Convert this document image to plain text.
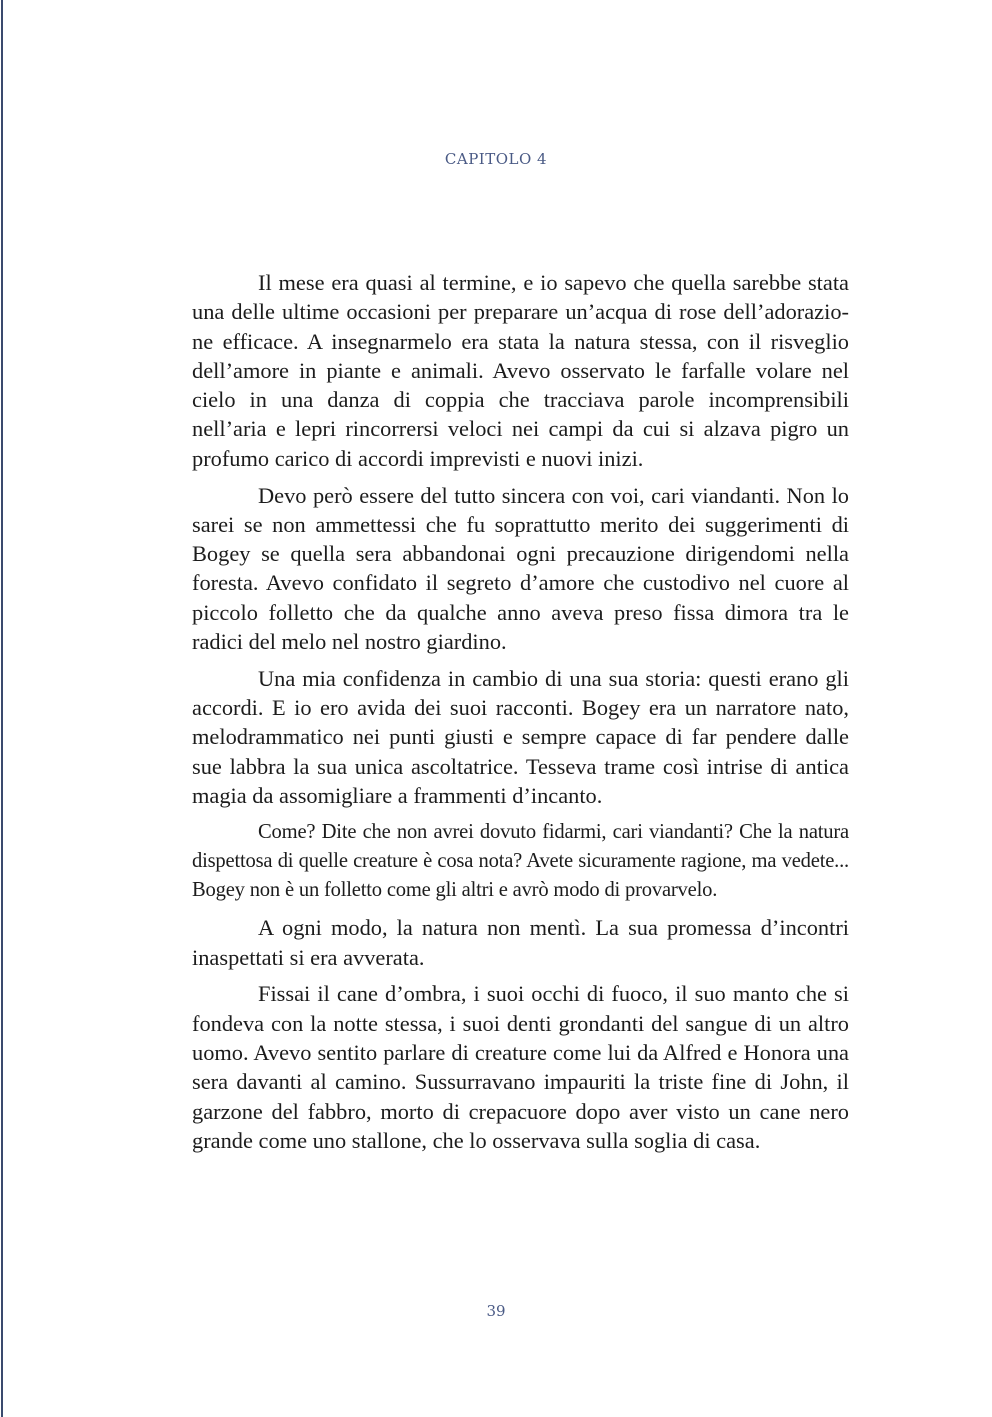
CAPITOLO 4

Il mese era quasi al termine, e io sapevo che quella sarebbe stata una delle ultime occasioni per preparare un’acqua di rose dell’adorazio-ne efficace. A insegnarmelo era stata la natura stessa, con il risveglio dell’amore in piante e animali. Avevo osservato le farfalle volare nel cielo in una danza di coppia che tracciava parole incomprensibili nell’aria e lepri rincorrersi veloci nei campi da cui si alzava pigro un profumo carico di accordi imprevisti e nuovi inizi.

Devo però essere del tutto sincera con voi, cari viandanti. Non lo sarei se non ammettessi che fu soprattutto merito dei suggerimenti di Bogey se quella sera abbandonai ogni precauzione dirigendomi nella foresta. Avevo confidato il segreto d’amore che custodivo nel cuore al piccolo folletto che da qualche anno aveva preso fissa dimora tra le radici del melo nel nostro giardino.

Una mia confidenza in cambio di una sua storia: questi erano gli accordi. E io ero avida dei suoi racconti. Bogey era un narratore nato, melodrammatico nei punti giusti e sempre capace di far pendere dalle sue labbra la sua unica ascoltatrice. Tesseva trame così intrise di antica magia da assomigliare a frammenti d’incanto.

Come? Dite che non avrei dovuto fidarmi, cari viandanti? Che la natura dispettosa di quelle creature è cosa nota? Avete sicuramente ragione, ma vedete... Bogey non è un folletto come gli altri e avrò modo di provarvelo.

A ogni modo, la natura non mentì. La sua promessa d’incontri inaspettati si era avverata.

Fissai il cane d’ombra, i suoi occhi di fuoco, il suo manto che si fondeva con la notte stessa, i suoi denti grondanti del sangue di un altro uomo. Avevo sentito parlare di creature come lui da Alfred e Honora una sera davanti al camino. Sussurravano impauriti la triste fine di John, il garzone del fabbro, morto di crepacuore dopo aver visto un cane nero grande come uno stallone, che lo osservava sulla soglia di casa.

39
